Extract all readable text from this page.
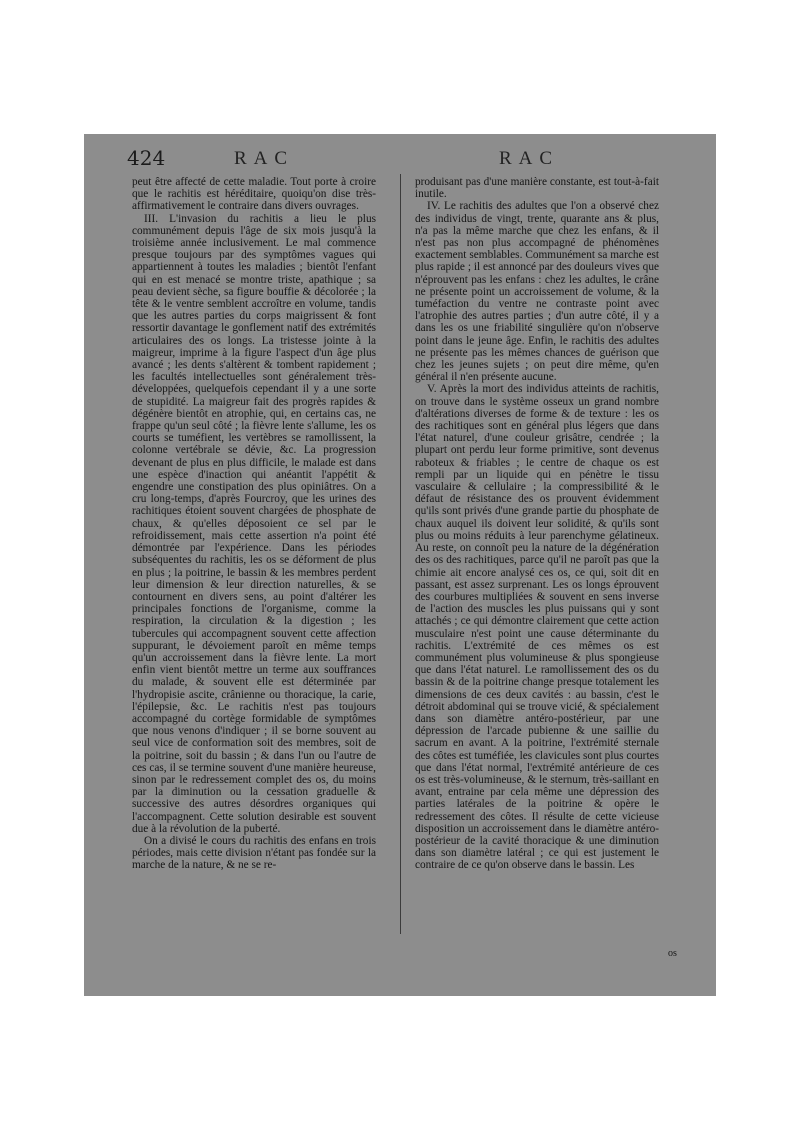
424	RAC	RAC

peut être affecté de cette maladie. Tout porte à croire que le rachitis est héréditaire, quoiqu'on dise très-affirmativement le contraire dans divers ouvrages.

III. L'invasion du rachitis a lieu le plus communément depuis l'âge de six mois jusqu'à la troisième année inclusivement. Le mal commence presque toujours par des symptômes vagues qui appartiennent à toutes les maladies ; bientôt l'enfant qui en est menacé se montre triste, apathique ; sa peau devient sèche, sa figure bouffie & décolorée ; la tête & le ventre semblent accroître en volume, tandis que les autres parties du corps maigrissent & font ressortir davantage le gonflement natif des extrémités articulaires des os longs. La tristesse jointe à la maigreur, imprime à la figure l'aspect d'un âge plus avancé ; les dents s'altèrent & tombent rapidement ; les facultés intellectuelles sont généralement très-développées, quelquefois cependant il y a une sorte de stupidité. La maigreur fait des progrès rapides & dégénère bientôt en atrophie, qui, en certains cas, ne frappe qu'un seul côté ; la fièvre lente s'allume, les os courts se tuméfient, les vertèbres se ramollissent, la colonne vertébrale se dévie, &c. La progression devenant de plus en plus difficile, le malade est dans une espèce d'inaction qui anéantit l'appétit & engendre une constipation des plus opiniâtres. On a cru long-temps, d'après Fourcroy, que les urines des rachitiques étoient souvent chargées de phosphate de chaux, & qu'elles déposoient ce sel par le refroidissement, mais cette assertion n'a point été démontrée par l'expérience. Dans les périodes subséquentes du rachitis, les os se déforment de plus en plus ; la poitrine, le bassin & les membres perdent leur dimension & leur direction naturelles, & se contournent en divers sens, au point d'altérer les principales fonctions de l'organisme, comme la respiration, la circulation & la digestion ; les tubercules qui accompagnent souvent cette affection suppurant, le dévoiement paroît en même temps qu'un accroissement dans la fièvre lente. La mort enfin vient bientôt mettre un terme aux souffrances du malade, & souvent elle est déterminée par l'hydropisie ascite, crânienne ou thoracique, la carie, l'épilepsie, &c. Le rachitis n'est pas toujours accompagné du cortège formidable de symptômes que nous venons d'indiquer ; il se borne souvent au seul vice de conformation soit des membres, soit de la poitrine, soit du bassin ; & dans l'un ou l'autre de ces cas, il se termine souvent d'une manière heureuse, sinon par le redressement complet des os, du moins par la diminution ou la cessation graduelle & successive des autres désordres organiques qui l'accompagnent. Cette solution desirable est souvent due à la révolution de la puberté.

On a divisé le cours du rachitis des enfans en trois périodes, mais cette division n'étant pas fondée sur la marche de la nature, & ne se re-

produisant pas d'une manière constante, est tout-à-fait inutile.

IV. Le rachitis des adultes que l'on a observé chez des individus de vingt, trente, quarante ans & plus, n'a pas la même marche que chez les enfans, & il n'est pas non plus accompagné de phénomènes exactement semblables. Communément sa marche est plus rapide ; il est annoncé par des douleurs vives que n'éprouvent pas les enfans : chez les adultes, le crâne ne présente point un accroissement de volume, & la tuméfaction du ventre ne contraste point avec l'atrophie des autres parties ; d'un autre côté, il y a dans les os une friabilité singulière qu'on n'observe point dans le jeune âge. Enfin, le rachitis des adultes ne présente pas les mêmes chances de guérison que chez les jeunes sujets ; on peut dire même, qu'en général il n'en présente aucune.

V. Après la mort des individus atteints de rachitis, on trouve dans le système osseux un grand nombre d'altérations diverses de forme & de texture : les os des rachitiques sont en général plus légers que dans l'état naturel, d'une couleur grisâtre, cendrée ; la plupart ont perdu leur forme primitive, sont devenus raboteux & friables ; le centre de chaque os est rempli par un liquide qui en pénètre le tissu vasculaire & cellulaire ; la compressibilité & le défaut de résistance des os prouvent évidemment qu'ils sont privés d'une grande partie du phosphate de chaux auquel ils doivent leur solidité, & qu'ils sont plus ou moins réduits à leur parenchyme gélatineux. Au reste, on connoît peu la nature de la dégénération des os des rachitiques, parce qu'il ne paroît pas que la chimie ait encore analysé ces os, ce qui, soit dit en passant, est assez surprenant. Les os longs éprouvent des courbures multipliées & souvent en sens inverse de l'action des muscles les plus puissans qui y sont attachés ; ce qui démontre clairement que cette action musculaire n'est point une cause déterminante du rachitis. L'extrémité de ces mêmes os est communément plus volumineuse & plus spongieuse que dans l'état naturel. Le ramollissement des os du bassin & de la poitrine change presque totalement les dimensions de ces deux cavités : au bassin, c'est le détroit abdominal qui se trouve vicié, & spécialement dans son diamètre antéro-postérieur, par une dépression de l'arcade pubienne & une saillie du sacrum en avant. A la poitrine, l'extrémité sternale des côtes est tuméfiée, les clavicules sont plus courtes que dans l'état normal, l'extrémité antérieure de ces os est très-volumineuse, & le sternum, très-saillant en avant, entraine par cela même une dépression des parties latérales de la poitrine & opère le redressement des côtes. Il résulte de cette vicieuse disposition un accroissement dans le diamètre antéro-postérieur de la cavité thoracique & une diminution dans son diamètre latéral ; ce qui est justement le contraire de ce qu'on observe dans le bassin. Les

os
